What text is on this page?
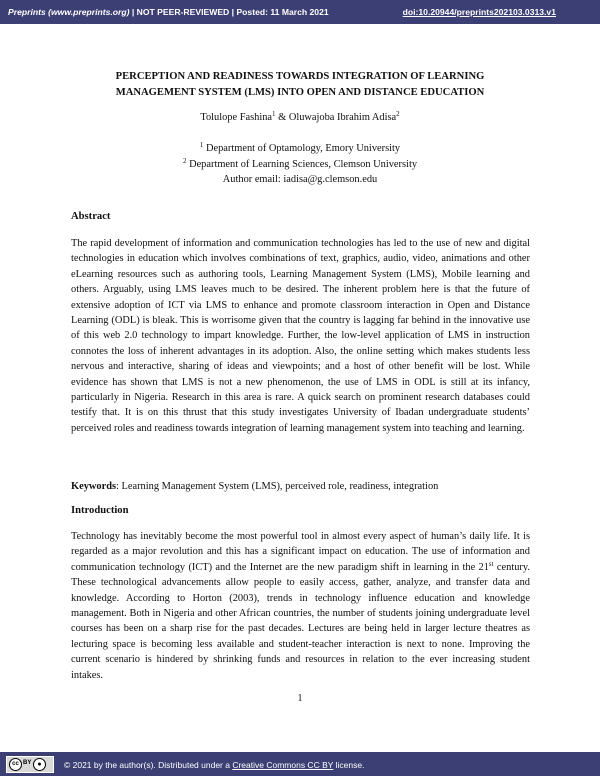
Preprints (www.preprints.org) | NOT PEER-REVIEWED | Posted: 11 March 2021	doi:10.20944/preprints202103.0313.v1
PERCEPTION AND READINESS TOWARDS INTEGRATION OF LEARNING
MANAGEMENT SYSTEM (LMS) INTO OPEN AND DISTANCE EDUCATION
Tolulope Fashina$^1$ & Oluwajoba Ibrahim Adisa$^2$
$^1$ Department of Optamology, Emory University
$^2$ Department of Learning Sciences, Clemson University
Author email: iadisa@g.clemson.edu
Abstract
The rapid development of information and communication technologies has led to the use of new and digital technologies in education which involves combinations of text, graphics, audio, video, animations and other eLearning resources such as authoring tools, Learning Management System (LMS), Mobile learning and others. Arguably, using LMS leaves much to be desired. The inherent problem here is that the future of extensive adoption of ICT via LMS to enhance and promote classroom interaction in Open and Distance Learning (ODL) is bleak. This is worrisome given that the country is lagging far behind in the innovative use of this web 2.0 technology to impart knowledge. Further, the low-level application of LMS in instruction connotes the loss of inherent advantages in its adoption. Also, the online setting which makes students less nervous and interactive, sharing of ideas and viewpoints; and a host of other benefit will be lost. While evidence has shown that LMS is not a new phenomenon, the use of LMS in ODL is still at its infancy, particularly in Nigeria. Research in this area is rare. A quick search on prominent research databases could testify that. It is on this thrust that this study investigates University of Ibadan undergraduate students’ perceived roles and readiness towards integration of learning management system into teaching and learning.
Keywords: Learning Management System (LMS), perceived role, readiness, integration
Introduction
Technology has inevitably become the most powerful tool in almost every aspect of human’s daily life. It is regarded as a major revolution and this has a significant impact on education. The use of information and communication technology (ICT) and the Internet are the new paradigm shift in learning in the 21st century. These technological advancements allow people to easily access, gather, analyze, and transfer data and knowledge. According to Horton (2003), trends in technology influence education and knowledge management. Both in Nigeria and other African countries, the number of students joining undergraduate level courses has been on a sharp rise for the past decades. Lectures are being held in larger lecture theatres as lecturing space is becoming less available and student-teacher interaction is next to none. Improving the current scenario is hindered by shrinking funds and resources in relation to the ever increasing student intakes.
1
cc BY ●	© 2021 by the author(s). Distributed under a Creative Commons CC BY license.
